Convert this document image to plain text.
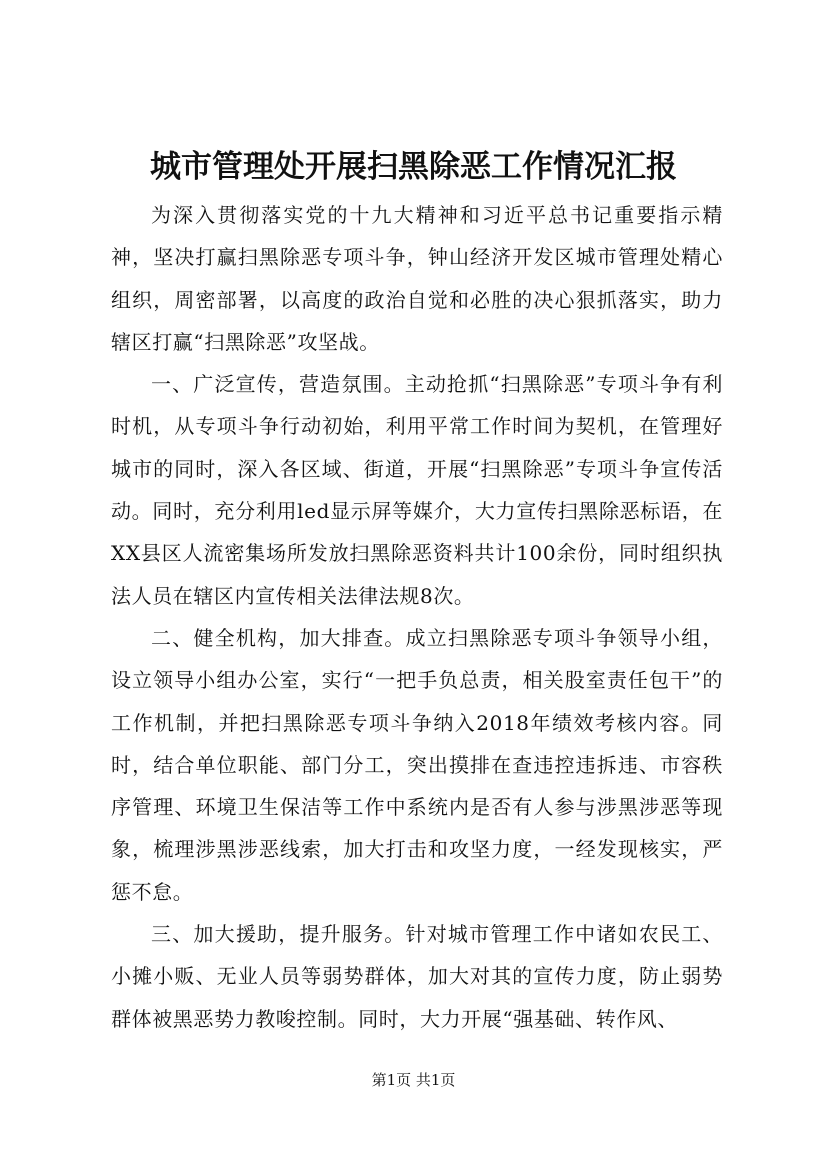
城市管理处开展扫黑除恶工作情况汇报

为深入贯彻落实党的十九大精神和习近平总书记重要指示精神，坚决打赢扫黑除恶专项斗争，钟山经济开发区城市管理处精心组织，周密部署，以高度的政治自觉和必胜的决心狠抓落实，助力辖区打赢“扫黑除恶”攻坚战。

一、广泛宣传，营造氛围。主动抢抓“扫黑除恶”专项斗争有利时机，从专项斗争行动初始，利用平常工作时间为契机，在管理好城市的同时，深入各区域、街道，开展“扫黑除恶”专项斗争宣传活动。同时，充分利用led显示屏等媒介，大力宣传扫黑除恶标语，在XX县区人流密集场所发放扫黑除恶资料共计100余份，同时组织执法人员在辖区内宣传相关法律法规8次。

二、健全机构，加大排查。成立扫黑除恶专项斗争领导小组，设立领导小组办公室，实行“一把手负总责，相关股室责任包干”的工作机制，并把扫黑除恶专项斗争纳入2018年绩效考核内容。同时，结合单位职能、部门分工，突出摸排在查违控违拆违、市容秩序管理、环境卫生保洁等工作中系统内是否有人参与涉黑涉恶等现象，梳理涉黑涉恶线索，加大打击和攻坚力度，一经发现核实，严惩不怠。

三、加大援助，提升服务。针对城市管理工作中诸如农民工、小摊小贩、无业人员等弱势群体，加大对其的宣传力度，防止弱势群体被黑恶势力教唆控制。同时，大力开展“强基础、转作风、

第1页 共1页
